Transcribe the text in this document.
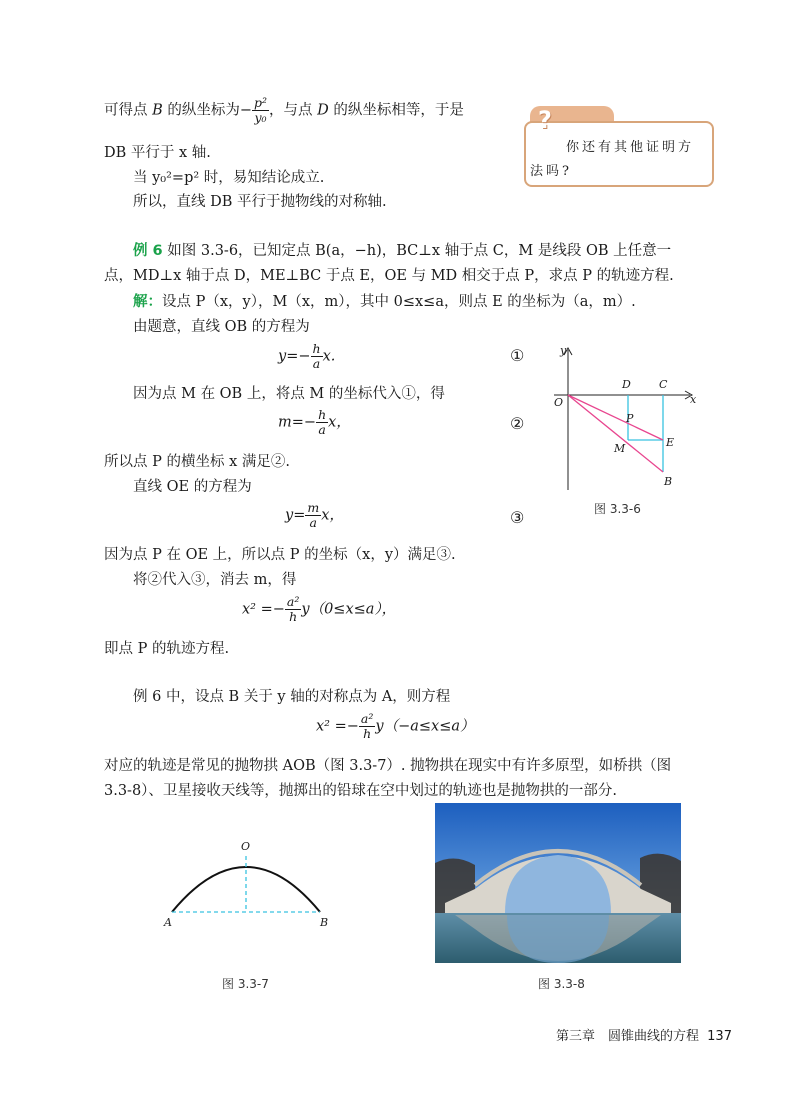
可得点 B 的纵坐标为− $\frac{\text{p²}}{\text{y₀}}$ ，与点 D 的纵坐标相等，于是
DB 平行于 x 轴.
当 y₀²=p² 时，易知结论成立.
所以，直线 DB 平行于抛物线的对称轴.
?
你还有其他证明方
法吗?
例 6 如图 3.3-6，已知定点 B(a，−h)，BC⊥x 轴于点 C，M 是线段 OB 上任意一
点，MD⊥x 轴于点 D，ME⊥BC 于点 E，OE 与 MD 相交于点 P，求点 P 的轨迹方程.
解：设点 P（x，y），M（x，m），其中 0≤x≤a，则点 E 的坐标为（a，m）.
由题意，直线 OB 的方程为
$y=- \frac{h}{a} x$.	①
因为点 M 在 OB 上，将点 M 的坐标代入①，得
$m=- \frac{h}{a}$ x，	②
所以点 P 的横坐标 x 满足②.
直线 OE 的方程为
$y= \frac{m}{a}$ x，	③
因为点 P 在 OE 上，所以点 P 的坐标（x，y）满足③.
将②代入③，消去 m，得
$x^2 =- \frac{\text{a²}}{h} y(0\le x\le a)$，
即点 P 的轨迹方程.
例 6 中，设点 B 关于 y 轴的对称点为 A，则方程
$x^2 =- \frac{\text{a²}}{h} y(-a\le x\le a)$
对应的轨迹是常见的抛物拱 AOB（图 3.3-7）. 抛物拱在现实中有许多原型，如桥拱（图
3.3-8）、卫星接收天线等，抛掷出的铅球在空中划过的轨迹也是抛物拱的一部分.
y
x
O
D	C
P
E
M
B
图 3.3-6
O
A	B
图 3.3-7	图 3.3-8
第三章　圆锥曲线的方程 137
